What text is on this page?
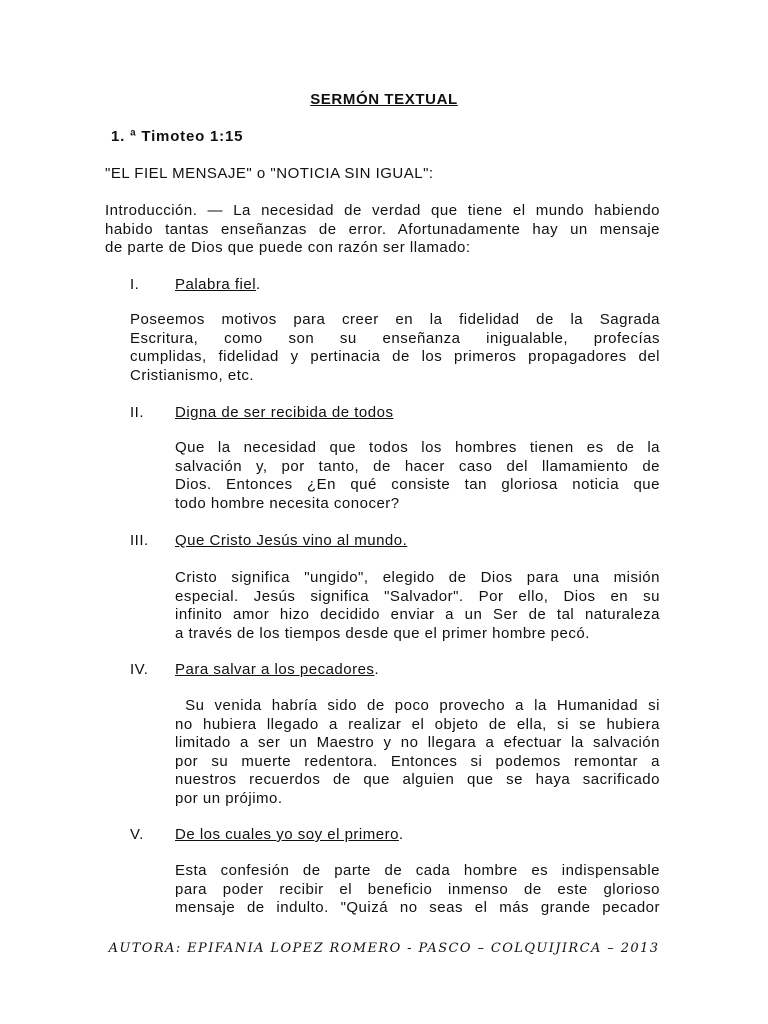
SERMÓN TEXTUAL
1. ª Timoteo 1:15
"EL FIEL MENSAJE" o "NOTICIA SIN IGUAL":
Introducción. — La necesidad de verdad que tiene el mundo habiendo
habido tantas enseñanzas de error. Afortunadamente hay un mensaje
de parte de Dios que puede con razón ser llamado:
I. Palabra fiel.
Poseemos motivos para creer en la fidelidad de la Sagrada
Escritura, como son su enseñanza inigualable, profecías
cumplidas, fidelidad y pertinacia de los primeros propagadores del
Cristianismo, etc.
II. Digna de ser recibida de todos
Que la necesidad que todos los hombres tienen es de la
salvación y, por tanto, de hacer caso del llamamiento de
Dios. Entonces ¿En qué consiste tan gloriosa noticia que
todo hombre necesita conocer?
III. Que Cristo Jesús vino al mundo.
Cristo significa "ungido", elegido de Dios para una misión
especial. Jesús significa "Salvador". Por ello, Dios en su
infinito amor hizo decidido enviar a un Ser de tal naturaleza
a través de los tiempos desde que el primer hombre pecó.
IV. Para salvar a los pecadores.
Su venida habría sido de poco provecho a la Humanidad si
no hubiera llegado a realizar el objeto de ella, si se hubiera
limitado a ser un Maestro y no llegara a efectuar la salvación
por su muerte redentora. Entonces si podemos remontar a
nuestros recuerdos de que alguien que se haya sacrificado
por un prójimo.
V. De los cuales yo soy el primero.
Esta confesión de parte de cada hombre es indispensable
para poder recibir el beneficio inmenso de este glorioso
mensaje de indulto. "Quizá no seas el más grande pecador
AUTORA: EPIFANIA LOPEZ ROMERO - PASCO – COLQUIJIRCA – 2013
